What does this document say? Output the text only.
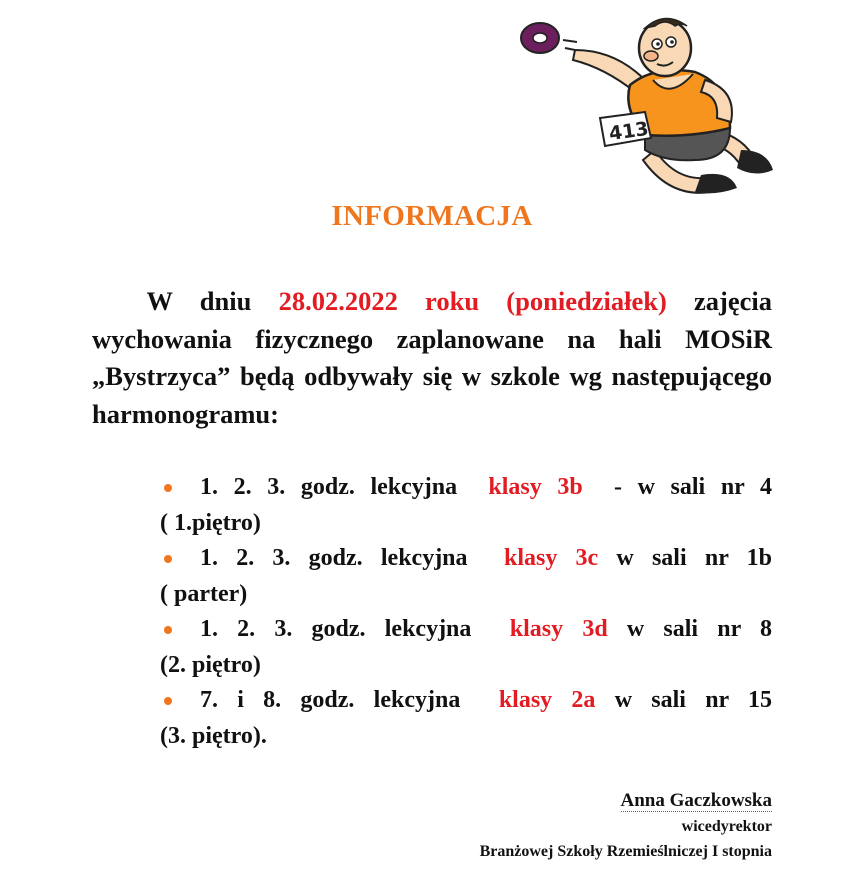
413
INFORMACJA
W dniu 28.02.2022 roku (poniedziałek) zajęcia wychowania fizycznego zaplanowane na hali MOSiR „Bystrzyca” będą odbywały się w szkole wg następującego harmonogramu:
1. 2. 3. godz. lekcyjna klasy 3b - w sali nr 4
( 1.piętro)
1. 2. 3. godz. lekcyjna klasy 3c w sali nr 1b
( parter)
1. 2. 3. godz. lekcyjna klasy 3d w sali nr 8
(2. piętro)
7. i 8. godz. lekcyjna klasy 2a w sali nr 15
(3. piętro).
Anna Gaczkowska
wicedyrektor
Branżowej Szkoły Rzemieślniczej I stopnia
